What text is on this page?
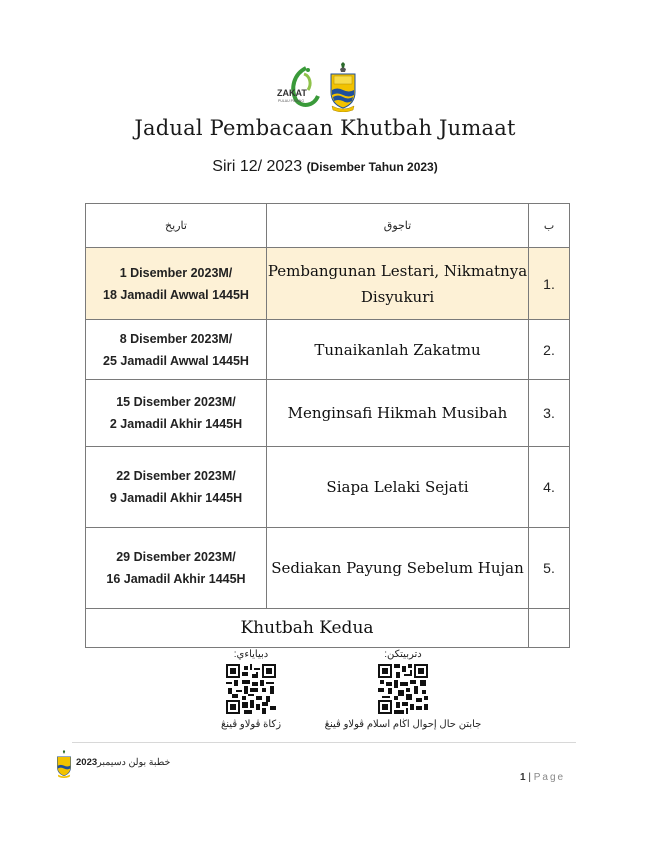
ZAKAT
PULAU PINANG
Jadual Pembacaan Khutbah Jumaat
Siri 12/ 2023 (Disember Tahun 2023)
تاريخ	تاجوق	ب

1 Disember 2023M/
18 Jamadil Awwal 1445H	Pembangunan Lestari, Nikmatnya Disyukuri	1.

8 Disember 2023M/
25 Jamadil Awwal 1445H	Tunaikanlah Zakatmu	2.

15 Disember 2023M/
2 Jamadil Akhir 1445H	Menginsafi Hikmah Musibah	3.

22 Disember 2023M/
9 Jamadil Akhir 1445H	Siapa Lelaki Sejati	4.

29 Disember 2023M/
16 Jamadil Akhir 1445H	Sediakan Payung Sebelum Hujan	5.
Khutbah Kedua		
دبياياءي:
زكاة ڤولاو ڤينڠ
دتربيتكن:
جابتن حال إحوال اڬام اسلام ڤولاو ڤينڠ
2023خطبة بولن دسيمبر
1 | Page
